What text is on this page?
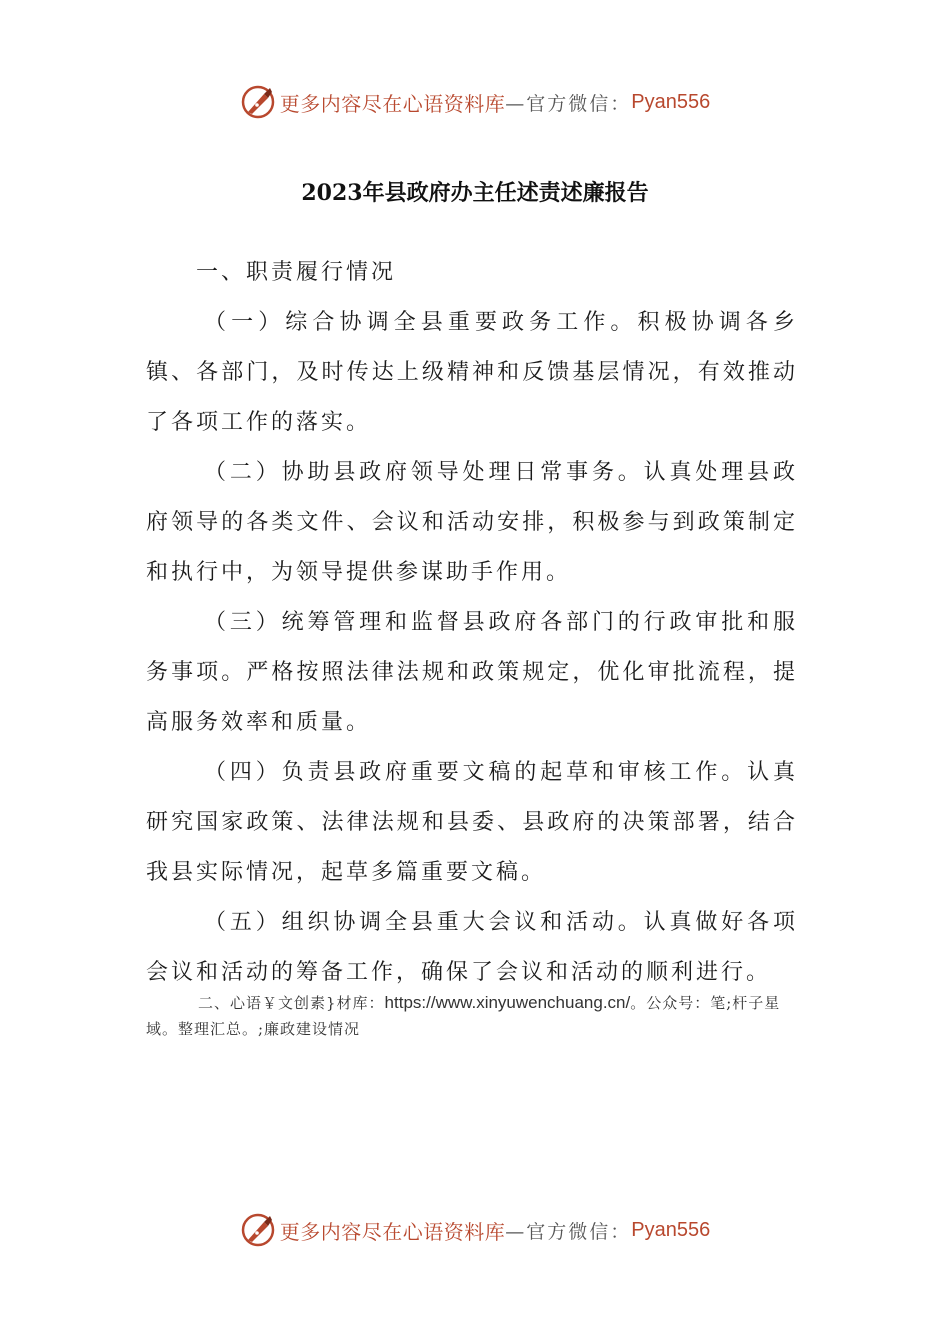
更多内容尽在心语资料库 —官方微信： Pyan556
2023年县政府办主任述责述廉报告

一、职责履行情况

（一）综合协调全县重要政务工作。积极协调各乡镇、各部门，及时传达上级精神和反馈基层情况，有效推动了各项工作的落实。

（二）协助县政府领导处理日常事务。认真处理县政府领导的各类文件、会议和活动安排，积极参与到政策制定和执行中，为领导提供参谋助手作用。

（三）统筹管理和监督县政府各部门的行政审批和服务事项。严格按照法律法规和政策规定，优化审批流程，提高服务效率和质量。

（四）负责县政府重要文稿的起草和审核工作。认真研究国家政策、法律法规和县委、县政府的决策部署，结合我县实际情况，起草多篇重要文稿。

（五）组织协调全县重大会议和活动。认真做好各项会议和活动的筹备工作，确保了会议和活动的顺利进行。

二、心语￥文创素}材库：https://www.xinyuwenchuang.cn/。公众号：笔;杆子星域。整理汇总。;廉政建设情况

更多内容尽在心语资料库 —官方微信： Pyan556
